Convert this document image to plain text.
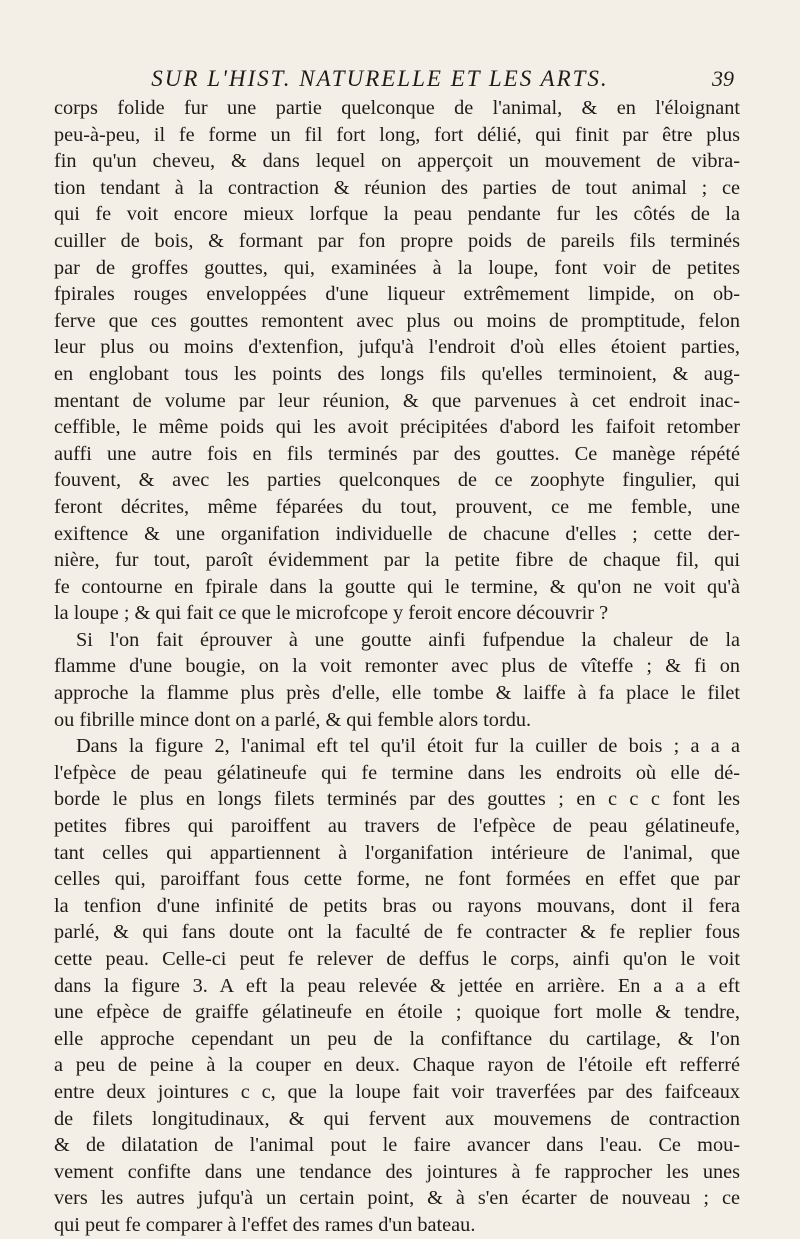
SUR L'HIST. NATURELLE ET LES ARTS.	39
corps folide fur une partie quelconque de l'animal, & en l'éloignant
peu-à-peu, il fe forme un fil fort long, fort délié, qui finit par être plus
fin qu'un cheveu, & dans lequel on apperçoit un mouvement de vibra-
tion tendant à la contraction & réunion des parties de tout animal ; ce
qui fe voit encore mieux lorfque la peau pendante fur les côtés de la
cuiller de bois, & formant par fon propre poids de pareils fils terminés
par de groffes gouttes, qui, examinées à la loupe, font voir de petites
fpirales rouges enveloppées d'une liqueur extrêmement limpide, on ob-
ferve que ces gouttes remontent avec plus ou moins de promptitude, felon
leur plus ou moins d'extenfion, jufqu'à l'endroit d'où elles étoient parties,
en englobant tous les points des longs fils qu'elles terminoient, & aug-
mentant de volume par leur réunion, & que parvenues à cet endroit inac-
ceffible, le même poids qui les avoit précipitées d'abord les faifoit retomber
auffi une autre fois en fils terminés par des gouttes. Ce manège répété
fouvent, & avec les parties quelconques de ce zoophyte fingulier, qui
feront décrites, même féparées du tout, prouvent, ce me femble, une
exiftence & une organifation individuelle de chacune d'elles ; cette der-
nière, fur tout, paroît évidemment par la petite fibre de chaque fil, qui
fe contourne en fpirale dans la goutte qui le termine, & qu'on ne voit qu'à
la loupe ; & qui fait ce que le microfcope y feroit encore découvrir ?
Si l'on fait éprouver à une goutte ainfi fufpendue la chaleur de la
flamme d'une bougie, on la voit remonter avec plus de vîteffe ; & fi on
approche la flamme plus près d'elle, elle tombe & laiffe à fa place le filet
ou fibrille mince dont on a parlé, & qui femble alors tordu.
Dans la figure 2, l'animal eft tel qu'il étoit fur la cuiller de bois ; a a a
l'efpèce de peau gélatineufe qui fe termine dans les endroits où elle dé-
borde le plus en longs filets terminés par des gouttes ; en c c c font les
petites fibres qui paroiffent au travers de l'efpèce de peau gélatineufe,
tant celles qui appartiennent à l'organifation intérieure de l'animal, que
celles qui, paroiffant fous cette forme, ne font formées en effet que par
la tenfion d'une infinité de petits bras ou rayons mouvans, dont il fera
parlé, & qui fans doute ont la faculté de fe contracter & fe replier fous
cette peau. Celle-ci peut fe relever de deffus le corps, ainfi qu'on le voit
dans la figure 3. A eft la peau relevée & jettée en arrière. En a a a eft
une efpèce de graiffe gélatineufe en étoile ; quoique fort molle & tendre,
elle approche cependant un peu de la confiftance du cartilage, & l'on
a peu de peine à la couper en deux. Chaque rayon de l'étoile eft refferré
entre deux jointures c c, que la loupe fait voir traverfées par des faifceaux
de filets longitudinaux, & qui fervent aux mouvemens de contraction
& de dilatation de l'animal pout le faire avancer dans l'eau. Ce mou-
vement confifte dans une tendance des jointures à fe rapprocher les unes
vers les autres jufqu'à un certain point, & à s'en écarter de nouveau ; ce
qui peut fe comparer à l'effet des rames d'un bateau.
